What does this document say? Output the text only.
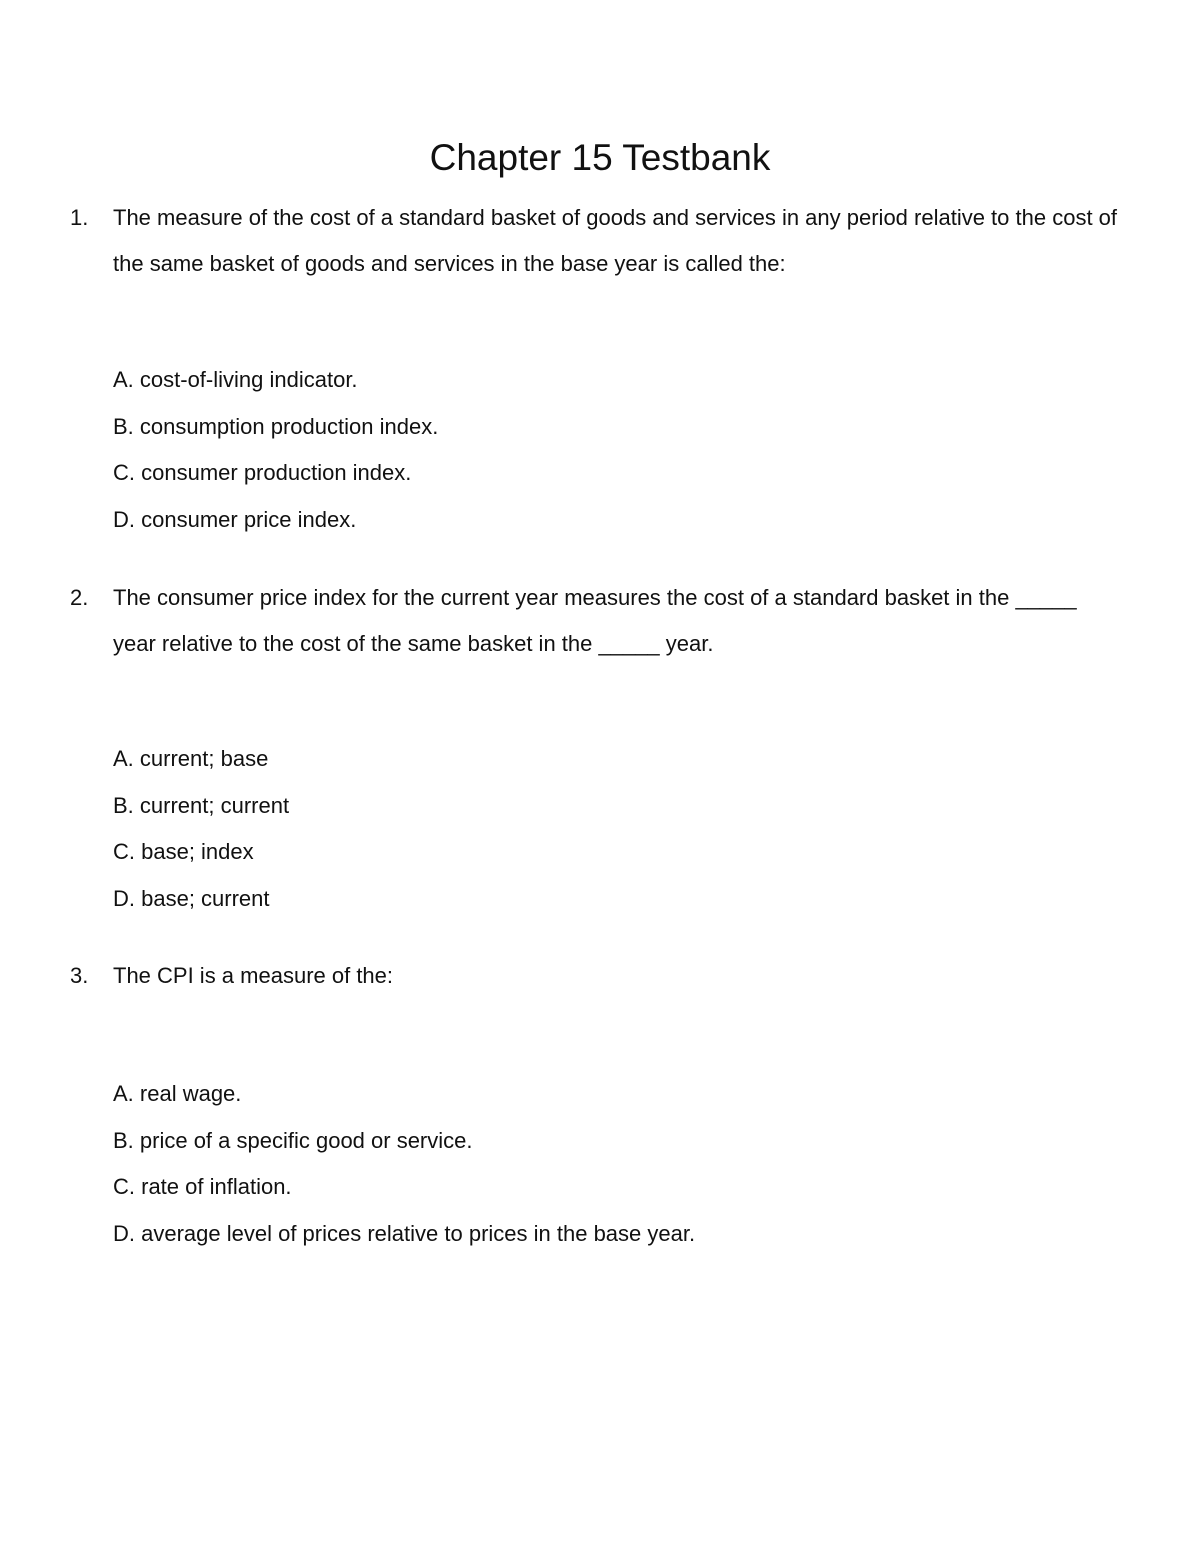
Chapter 15 Testbank
1. The measure of the cost of a standard basket of goods and services in any period relative to the cost of the same basket of goods and services in the base year is called the:

A. cost-of-living indicator.
B. consumption production index.
C. consumer production index.
D. consumer price index.
2. The consumer price index for the current year measures the cost of a standard basket in the _____ year relative to the cost of the same basket in the _____ year.

A. current; base
B. current; current
C. base; index
D. base; current
3. The CPI is a measure of the:

A. real wage.
B. price of a specific good or service.
C. rate of inflation.
D. average level of prices relative to prices in the base year.
